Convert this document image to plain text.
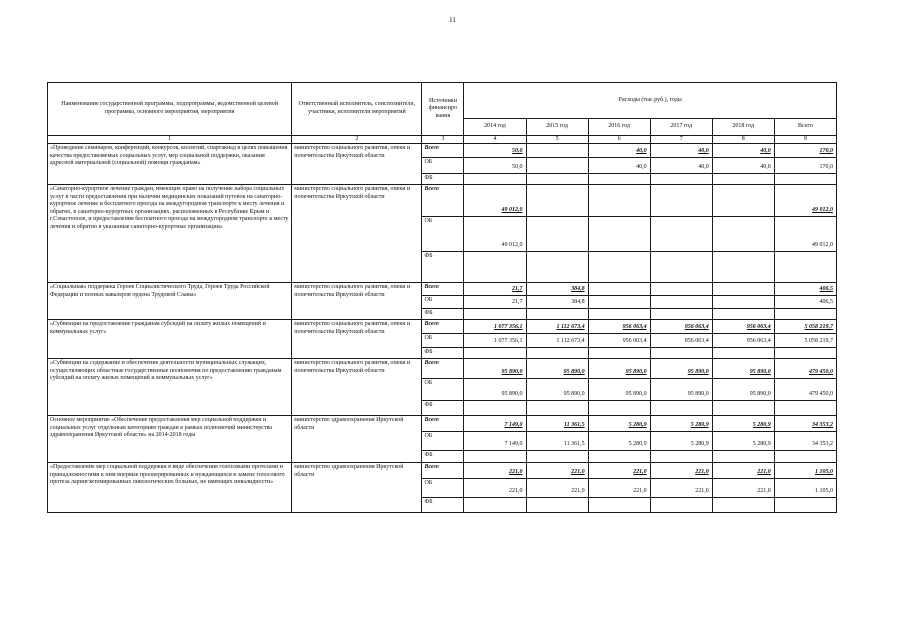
11
Наименование государственной программы, подпрограммы, ведомственной целевой программы, основного мероприятия, мероприятия	Ответственный исполнитель, соисполнители, участники, исполнители мероприятий	Источники финансиро вания	Расходы (тыс.руб.), годы					
			2014 год	2015 год	2016 год	2017 год	2018 год	Всего
1	2	3	4	5	6	7	8	9
«Проведение семинаров, конференций, конкурсов, коллегий, спартакиад в целях повышения качества предоставляемых социальных услуг, мер социальной поддержки, оказания адресной материальной (социальной) помощи гражданам»	министерство социального развития, опеки и попечительства Иркутской области	Всего	50,0		40,0	40,0	40,0	170,0
		ОБ	50,0		40,0	40,0	40,0	170,0
		ФБ						
«Санаторно-курортное лечение граждан, имеющих право на получение набора социальных услуг в части предоставления при наличии медицинских показаний путевок на санаторно-курортное лечение и бесплатного проезда на междугородном транспорте к месту лечения и обратно, в санаторно-курортных организациях, расположенных в Республике Крым и г.Севастополе, и предоставления бесплатного проезда на междугородном транспорте к месту лечения и обратно в указанные санаторно-курортные организации»	министерство социального развития, опеки и попечительства Иркутской области	Всего	49 012,0					49 012,0
		ОБ	49 012,0					49 012,0
		ФБ						
«Социальная» поддержка Героев Социалистического Труда, Героев Труда Российской Федерации и полных кавалеров ордена Трудовой Славы»	министерство социального развития, опеки и попечительства Иркутской области	Всего	21,7	384,8				406,5
		ОБ	21,7	384,8				406,5
		ФБ						
«Субвенции на предоставление гражданам субсидий на оплату жилых помещений и коммунальных услуг»	министерство социального развития, опеки и попечительства Иркутской области	Всего	1 077 356,1	1 112 673,4	956 063,4	956 063,4	956 063,4	5 058 219,7
		ОБ	1 077 356,1	1 112 673,4	956 063,4	956 063,4	956 063,4	5 058 219,7
		ФБ						
«Субвенции на содержание и обеспечение деятельности муниципальных служащих, осуществляющих областные государственные полномочия по предоставлению гражданам субсидий на оплату жилых помещений и коммунальных услуг»	министерство социального развития, опеки и попечительства Иркутской области	Всего	95 890,0	95 890,0	95 890,0	95 890,0	95 890,0	479 450,0
		ОБ	95 890,0	95 890,0	95 890,0	95 890,0	95 890,0	479 450,0
		ФБ						
Основное мероприятие «Обеспечение предоставления мер социальной поддержки и социальных услуг отдельным категориям граждан в рамках полномочий министерства здравоохранения Иркутской области» на 2014-2018 годы	министерство здравоохранения Иркутской области	Всего	7 149,0	11 361,5	5 280,9	5 280,9	5 280,9	34 353,2
		ОБ	7 149,0	11 361,5	5 280,9	5 280,9	5 280,9	34 353,2
		ФБ						
«Предоставление мер социальной поддержки в виде обеспечения голосовыми протезами и принадлежностями к ним впервые прооперированных и нуждающихся в замене голосового протеза ларингэктомированных онкологических больных, не имеющих инвалидности»	министерство здравоохранения Иркутской области	Всего	221,0	221,0	221,0	221,0	221,0	1 105,0
		ОБ	221,0	221,0	221,0	221,0	221,0	1 105,0
		ФБ						
